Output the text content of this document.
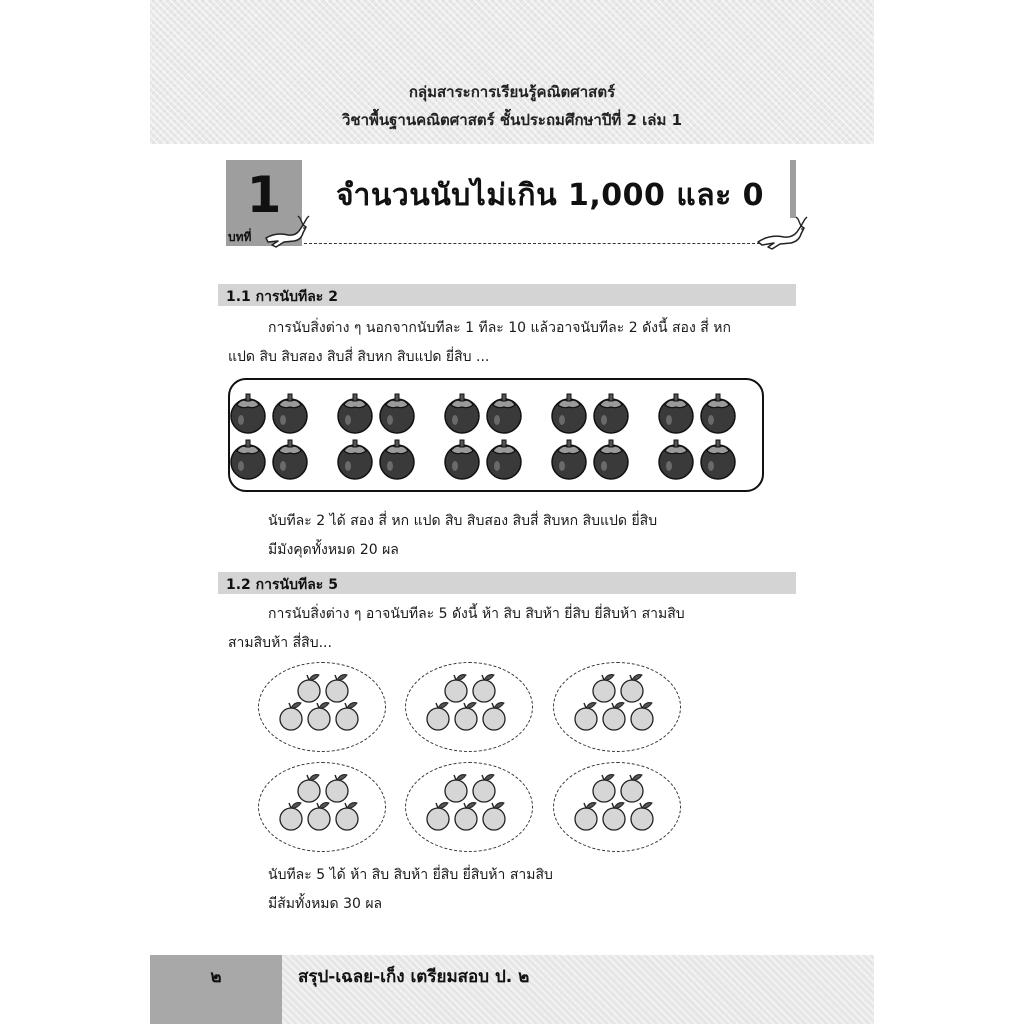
กลุ่มสาระการเรียนรู้คณิตศาสตร์
วิชาพื้นฐานคณิตศาสตร์ ชั้นประถมศึกษาปีที่ 2 เล่ม 1
1
บทที่
จำนวนนับไม่เกิน 1,000 และ 0
1.1 การนับทีละ 2
การนับสิ่งต่าง ๆ นอกจากนับทีละ 1 ทีละ 10 แล้วอาจนับทีละ 2 ดังนี้ สอง สี่ หก
แปด สิบ สิบสอง สิบสี่ สิบหก สิบแปด ยี่สิบ ...
นับทีละ 2 ได้ สอง สี่ หก แปด สิบ สิบสอง สิบสี่ สิบหก สิบแปด ยี่สิบ
มีมังคุดทั้งหมด 20 ผล
1.2 การนับทีละ 5
การนับสิ่งต่าง ๆ อาจนับทีละ 5 ดังนี้ ห้า สิบ สิบห้า ยี่สิบ ยี่สิบห้า สามสิบ
สามสิบห้า สี่สิบ...
นับทีละ 5 ได้ ห้า สิบ สิบห้า ยี่สิบ ยี่สิบห้า สามสิบ
มีส้มทั้งหมด 30 ผล
๒	สรุป-เฉลย-เก็ง เตรียมสอบ ป. ๒
